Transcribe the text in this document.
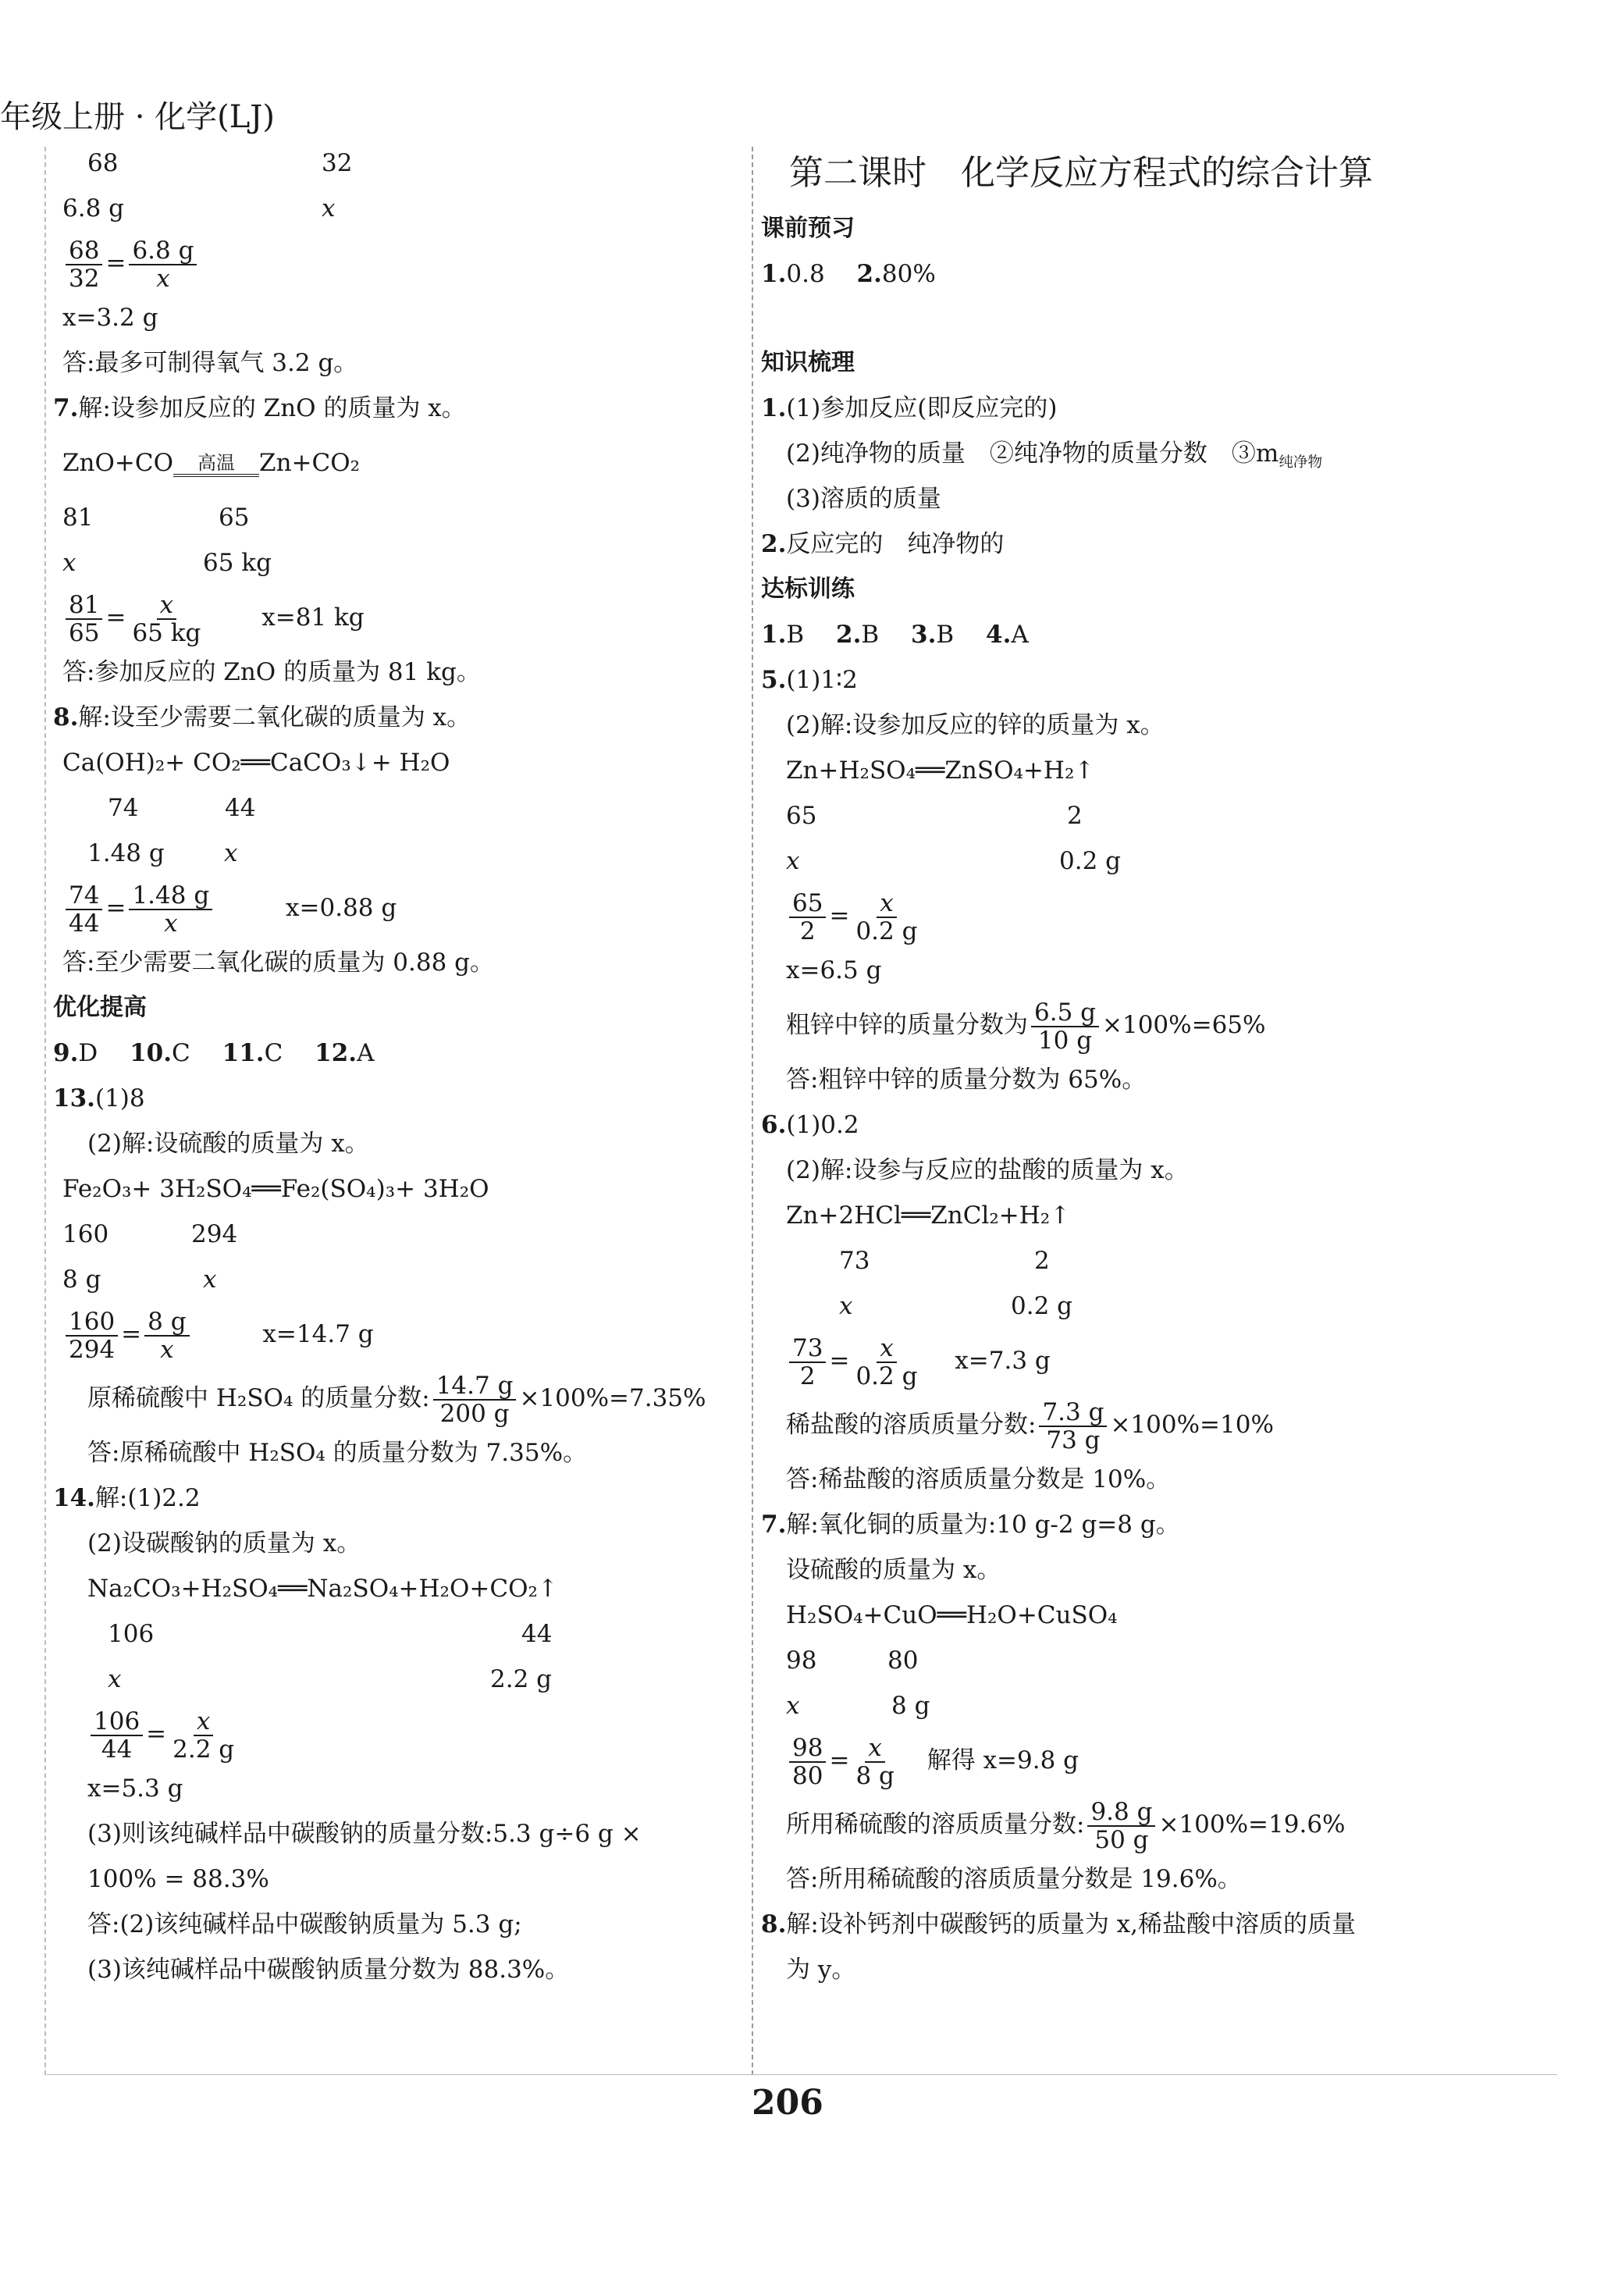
年级上册 · 化学(LJ)
68	32
6.8 g	x
$\frac{68}{32} = \frac{6.8 g}{x}$
x=3.2 g
答:最多可制得氧气 3.2 g。
7.解:设参加反应的 ZnO 的质量为 x。
ZnO+CO 高温 Zn+CO₂
81	65
x	65 kg
$\frac{81}{65} = \frac{x}{65 kg} x=81$ kg
答:参加反应的 ZnO 的质量为 81 kg。
8.解:设至少需要二氧化碳的质量为 x。
Ca(OH)₂+ CO₂══CaCO₃↓+ H₂O
74	44
1.48 g x
$\frac{74}{44} = \frac{1.48 g}{x}$	x=0.88 g
答:至少需要二氧化碳的质量为 0.88 g。
优化提高
9.D　 10.C　 11.C　 12.A
13.(1)8
(2)解:设硫酸的质量为 x。
Fe₂O₃+ 3H₂SO₄══Fe₂(SO₄)₃+ 3H₂O
160	294
8 g	x
$\frac{160}{294} = \frac{8 g}{x}$	x=14.7 g
原稀硫酸中 H₂SO₄ 的质量分数: $\frac{14.7 g}{200 g} \times 100\%=7.35\%$
答:原稀硫酸中 H₂SO₄ 的质量分数为 7.35%。
14.解:(1)2.2
(2)设碳酸钠的质量为 x。
Na₂CO₃+H₂SO₄══Na₂SO₄+H₂O+CO₂↑
106	44
x	2.2 g
$\frac{106}{44} = \frac{x}{2.2 g}$
x=5.3 g
(3)则该纯碱样品中碳酸钠的质量分数:5.3 g÷6 g ×
100% = 88.3%
答:(2)该纯碱样品中碳酸钠质量为 5.3 g;
(3)该纯碱样品中碳酸钠质量分数为 88.3%。
第二课时　化学反应方程式的综合计算
课前预习
1.0.8　 2.80%
知识梳理
1.(1)参加反应(即反应完的)
(2)纯净物的质量　②纯净物的质量分数　$③m_{纯净物}$
(3)溶质的质量
2.反应完的　纯净物的
达标训练
1.B　 2.B　 3.B　 4.A
5.(1)1∶2
(2)解:设参加反应的锌的质量为 x。
Zn+H₂SO₄══ZnSO₄+H₂↑
65	2
x	0.2 g
$\frac{65}{2} = \frac{x}{0.2 g}$
x=6.5 g
粗锌中锌的质量分数为 $\frac{6.5 g}{10 g} \times 100\%=65\%$
答:粗锌中锌的质量分数为 65%。
6.(1)0.2
(2)解:设参与反应的盐酸的质量为 x。
Zn+2HCl══ZnCl₂+H₂↑
73	2
x	0.2 g
$\frac{73}{2} = \frac{x}{0.2 g} x=7.3$ g
稀盐酸的溶质质量分数: $\frac{7.3 g}{73 g} \times 100\%=10\%$
答:稀盐酸的溶质质量分数是 10%。
7.解:氧化铜的质量为:10 g-2 g=8 g。
设硫酸的质量为 x。
H₂SO₄+CuO══H₂O+CuSO₄
98	80
x	8 g
$\frac{98}{80} = \frac{x}{8 g}$ 解得 x=9.8 g
所用稀硫酸的溶质质量分数: $\frac{9.8 g}{50 g} \times 100\%=19.6\%$
答:所用稀硫酸的溶质质量分数是 19.6%。
8.解:设补钙剂中碳酸钙的质量为 x,稀盐酸中溶质的质量
为 y。
206
